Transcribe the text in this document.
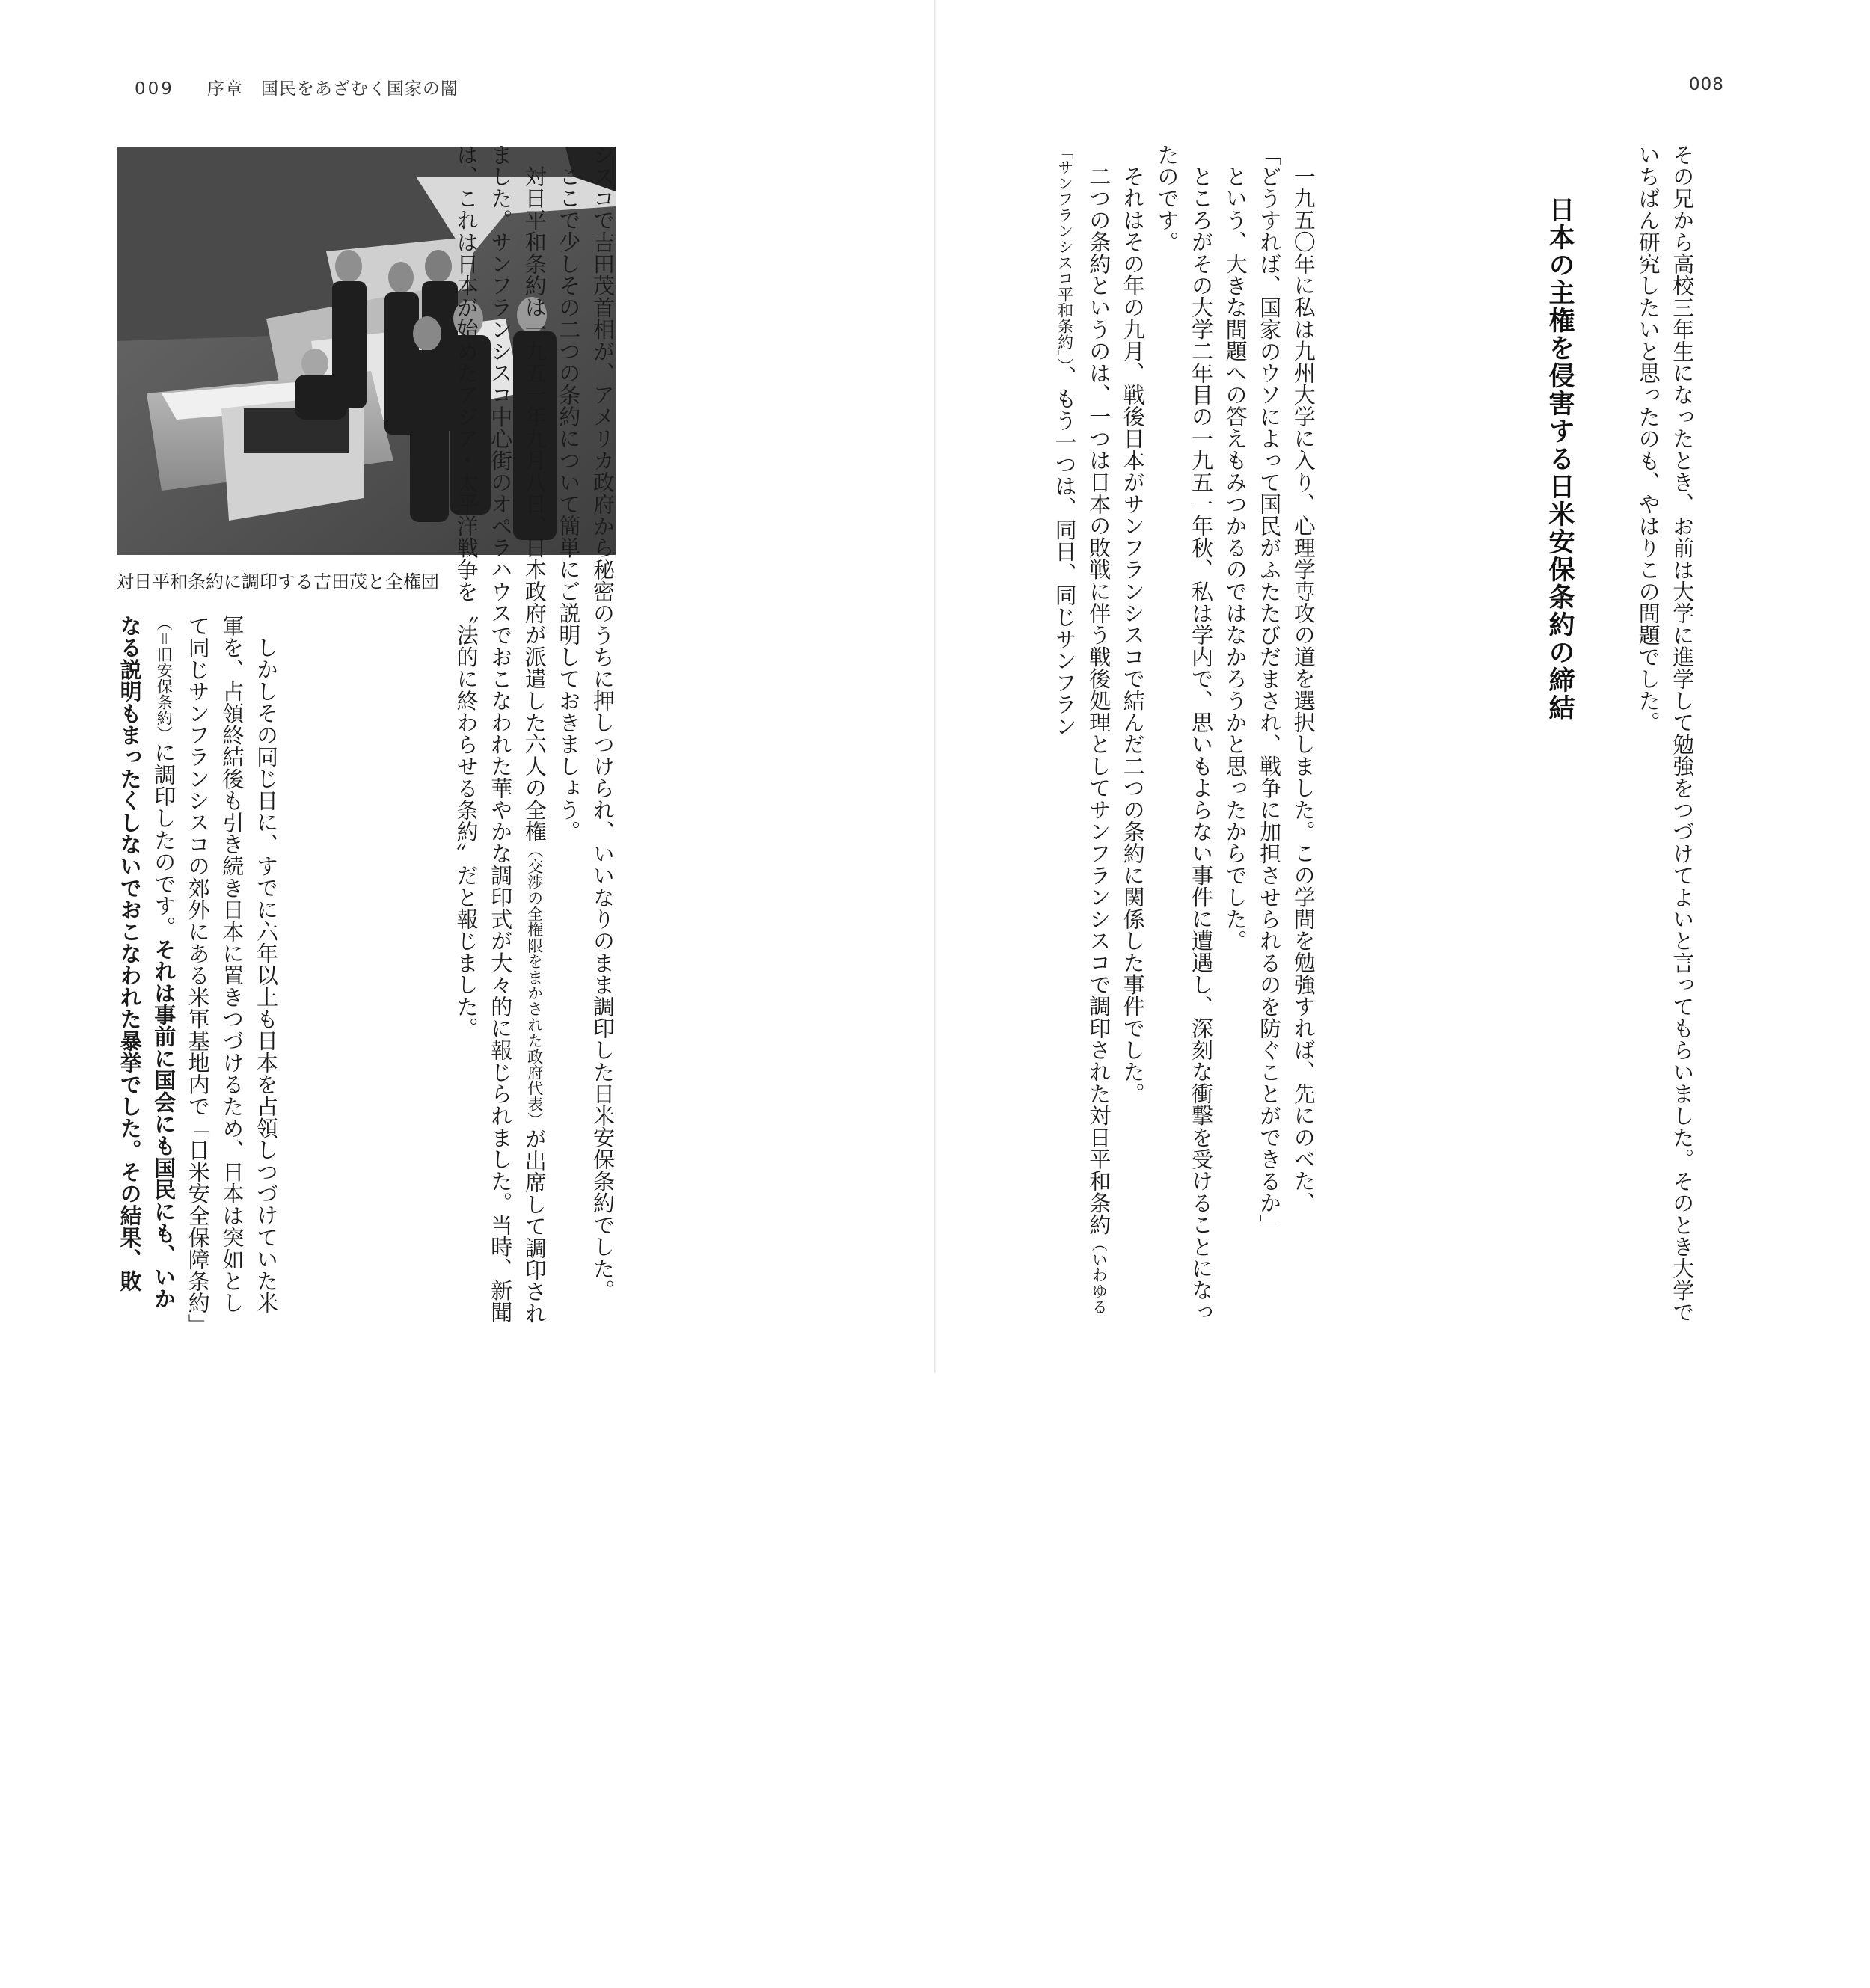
009 序章　国民をあざむく国家の闇
対日平和条約に調印する吉田茂と全権団	シスコで吉田茂首相が、アメリカ政府から秘密のうちに押しつけられ、いいなりのまま調印した日米安保条約でした。

ここで少しその二つの条約について簡単にご説明しておきましょう。

対日平和条約は一九五一年九月八日、日本政府が派遣した六人の全権（交渉の全権限をまかされた政府代表）が出席して調印されました。サンフランシスコ中心街のオペラハウスでおこなわれた華やかな調印式が大々的に報じられました。当時、新聞は、これは日本が始めたアジア・太平洋戦争を〝法的に終わらせる条約〟だと報じました。

しかしその同じ日に、すでに六年以上も日本を占領しつづけていた米軍を、占領終結後も引き続き日本に置きつづけるため、日本は突如として同じサンフランシスコの郊外にある米軍基地内で「日米安全保障条約」（＝旧安保条約）に調印したのです。それは事前に国会にも国民にも、いかなる説明もまったくしないでおこなわれた暴挙でした。その結果、敗

008

その兄から高校三年生になったとき、お前は大学に進学して勉強をつづけてよいと言ってもらいました。そのとき大学でいちばん研究したいと思ったのも、やはりこの問題でした。

日本の主権を侵害する日米安保条約の締結

一九五〇年に私は九州大学に入り、心理学専攻の道を選択しました。この学問を勉強すれば、先にのべた、

「どうすれば、国家のウソによって国民がふたたびだまされ、戦争に加担させられるのを防ぐことができるか」

という、大きな問題への答えもみつかるのではなかろうかと思ったからでした。

ところがその大学二年目の一九五一年秋、私は学内で、思いもよらない事件に遭遇し、深刻な衝撃を受けることになったのです。

それはその年の九月、戦後日本がサンフランシスコで結んだ二つの条約に関係した事件でした。

二つの条約というのは、一つは日本の敗戦に伴う戦後処理としてサンフランシスコで調印された対日平和条約（いわゆる「サンフランシスコ平和条約」）、もう一つは、同日、同じサンフラン
